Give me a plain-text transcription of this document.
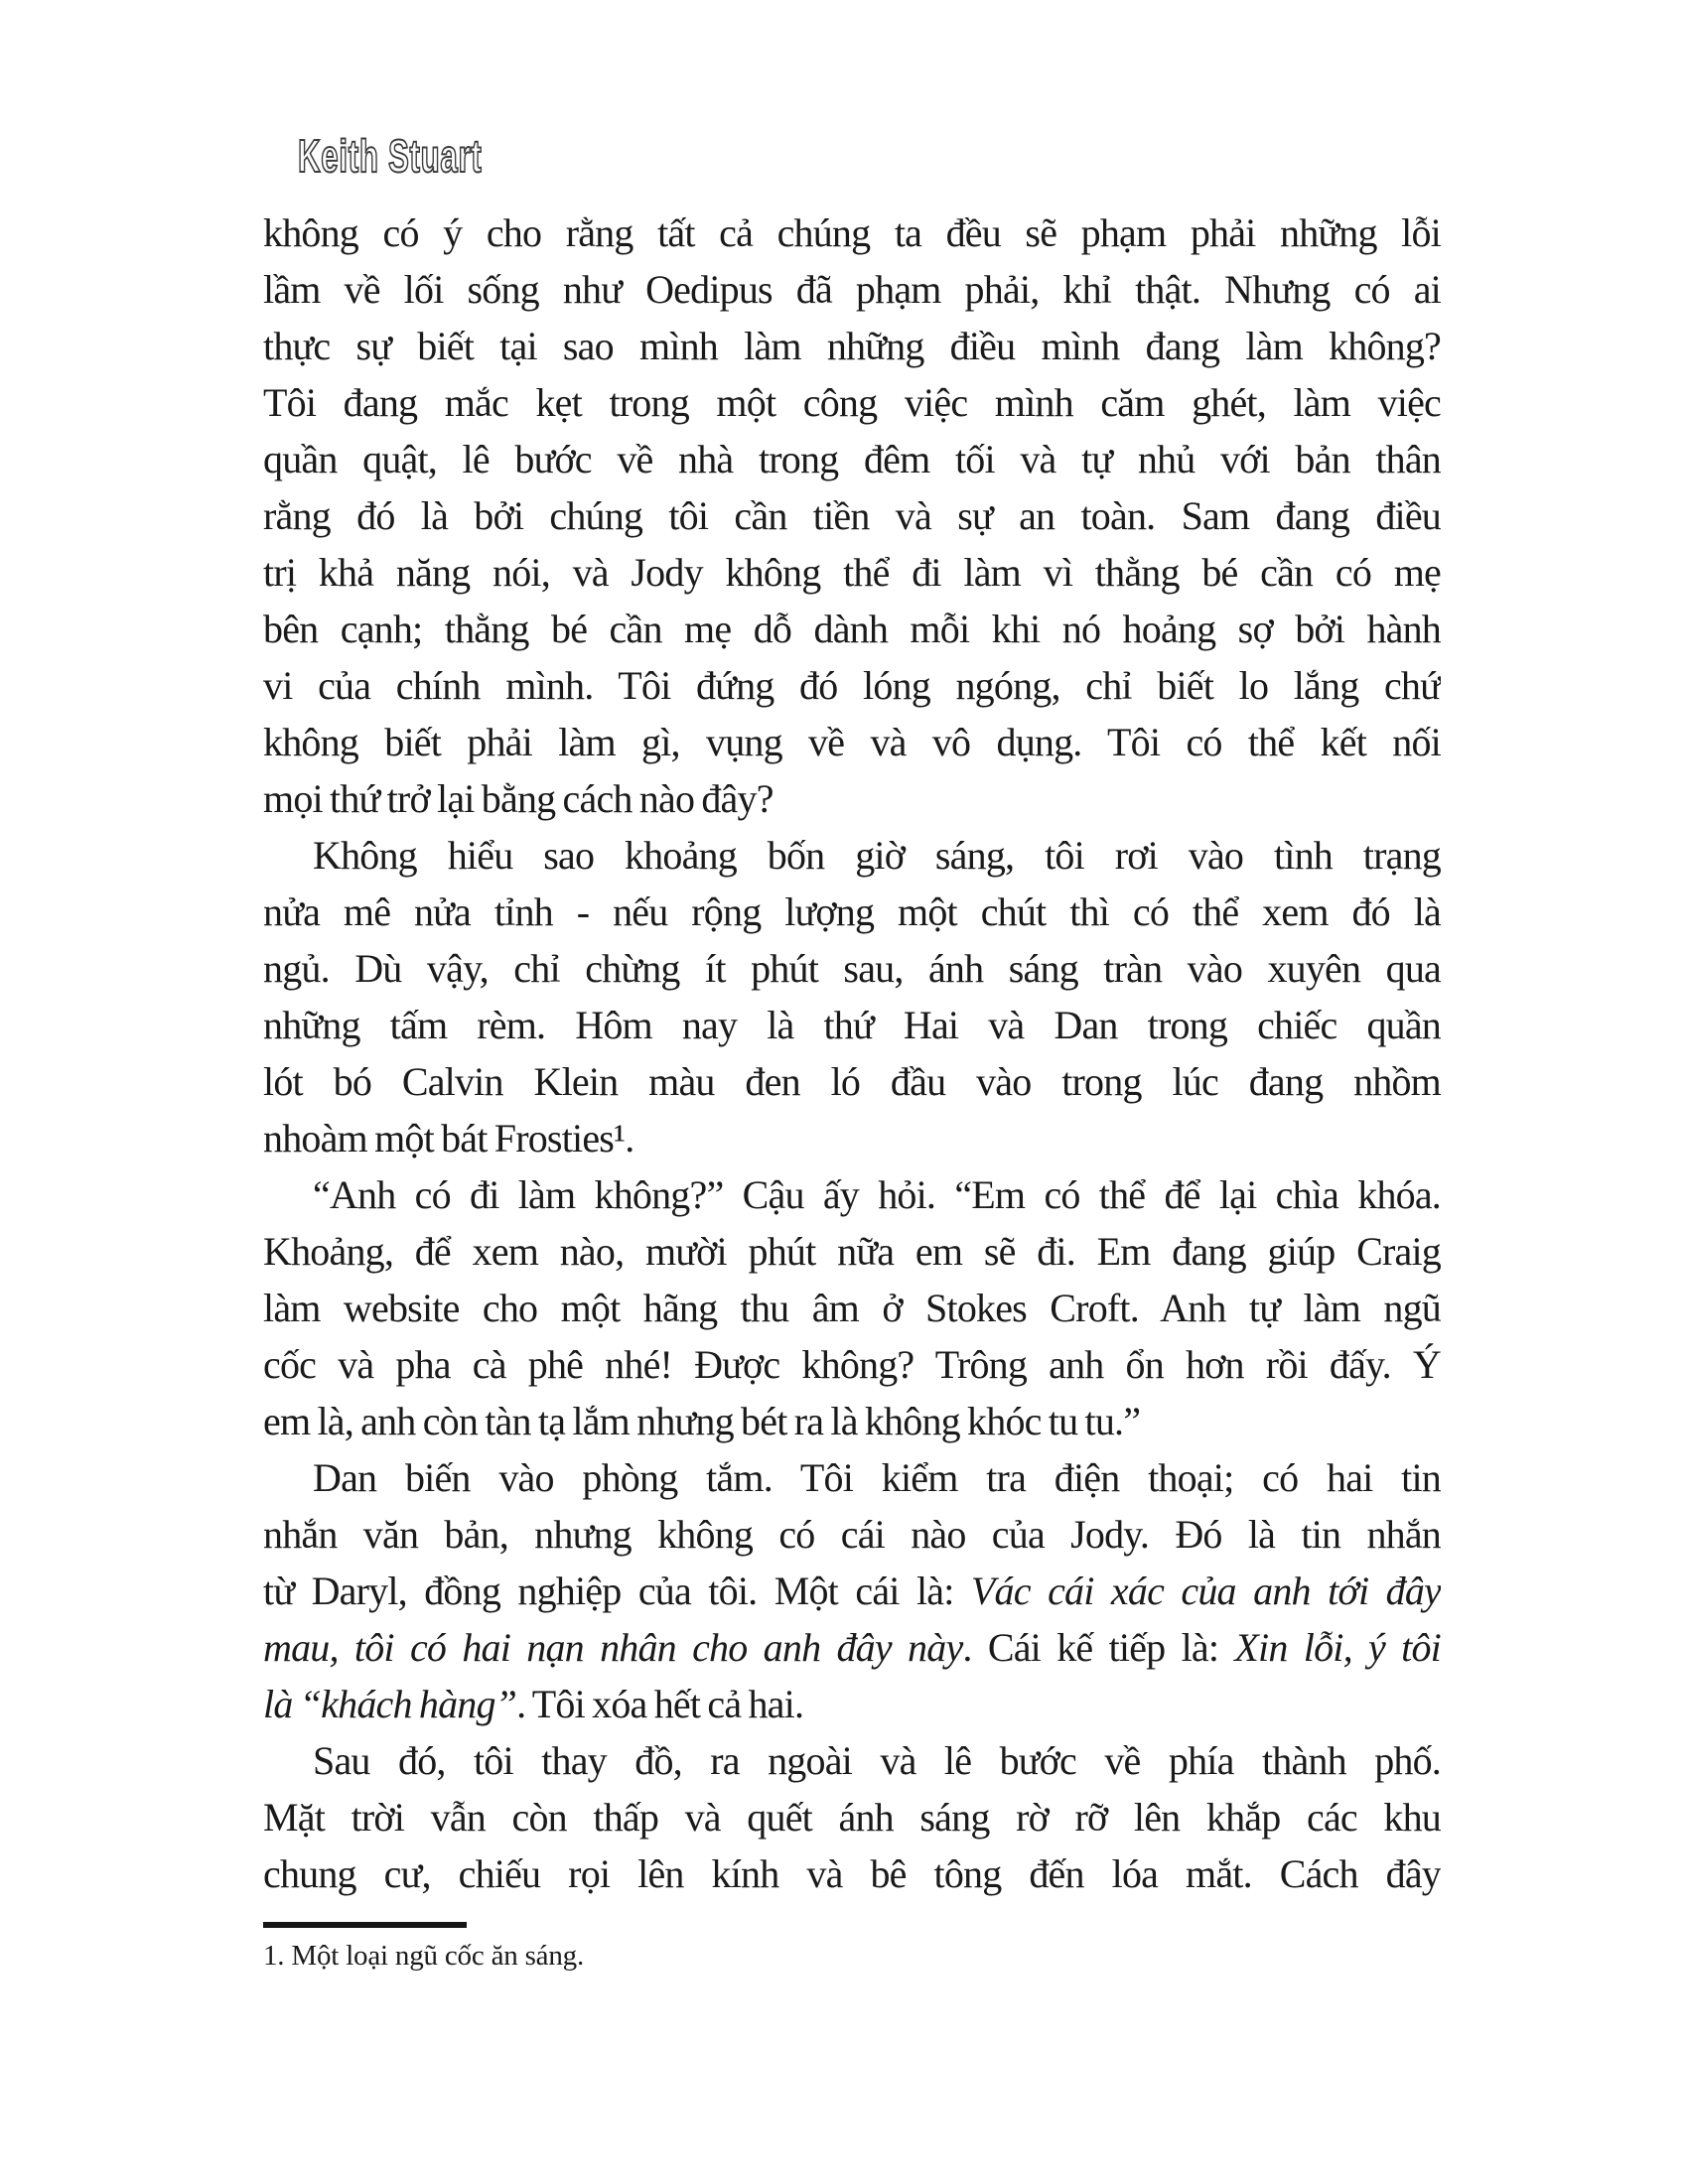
Keith Stuart
không có ý cho rằng tất cả chúng ta đều sẽ phạm phải những lỗi
lầm về lối sống như Oedipus đã phạm phải, khỉ thật. Nhưng có ai
thực sự biết tại sao mình làm những điều mình đang làm không?
Tôi đang mắc kẹt trong một công việc mình căm ghét, làm việc
quần quật, lê bước về nhà trong đêm tối và tự nhủ với bản thân
rằng đó là bởi chúng tôi cần tiền và sự an toàn. Sam đang điều
trị khả năng nói, và Jody không thể đi làm vì thằng bé cần có mẹ
bên cạnh; thằng bé cần mẹ dỗ dành mỗi khi nó hoảng sợ bởi hành
vi của chính mình. Tôi đứng đó lóng ngóng, chỉ biết lo lắng chứ
không biết phải làm gì, vụng về và vô dụng. Tôi có thể kết nối
mọi thứ trở lại bằng cách nào đây?
Không hiểu sao khoảng bốn giờ sáng, tôi rơi vào tình trạng
nửa mê nửa tỉnh - nếu rộng lượng một chút thì có thể xem đó là
ngủ. Dù vậy, chỉ chừng ít phút sau, ánh sáng tràn vào xuyên qua
những tấm rèm. Hôm nay là thứ Hai và Dan trong chiếc quần
lót bó Calvin Klein màu đen ló đầu vào trong lúc đang nhồm
nhoàm một bát Frosties¹.
“Anh có đi làm không?” Cậu ấy hỏi. “Em có thể để lại chìa khóa.
Khoảng, để xem nào, mười phút nữa em sẽ đi. Em đang giúp Craig
làm website cho một hãng thu âm ở Stokes Croft. Anh tự làm ngũ
cốc và pha cà phê nhé! Được không? Trông anh ổn hơn rồi đấy. Ý
em là, anh còn tàn tạ lắm nhưng bét ra là không khóc tu tu.”
Dan biến vào phòng tắm. Tôi kiểm tra điện thoại; có hai tin
nhắn văn bản, nhưng không có cái nào của Jody. Đó là tin nhắn
từ Daryl, đồng nghiệp của tôi. Một cái là: Vác cái xác của anh tới đây
mau, tôi có hai nạn nhân cho anh đây này. Cái kế tiếp là: Xin lỗi, ý tôi
là “khách hàng”. Tôi xóa hết cả hai.
Sau đó, tôi thay đồ, ra ngoài và lê bước về phía thành phố.
Mặt trời vẫn còn thấp và quết ánh sáng rờ rỡ lên khắp các khu
chung cư, chiếu rọi lên kính và bê tông đến lóa mắt. Cách đây
1. Một loại ngũ cốc ăn sáng.
